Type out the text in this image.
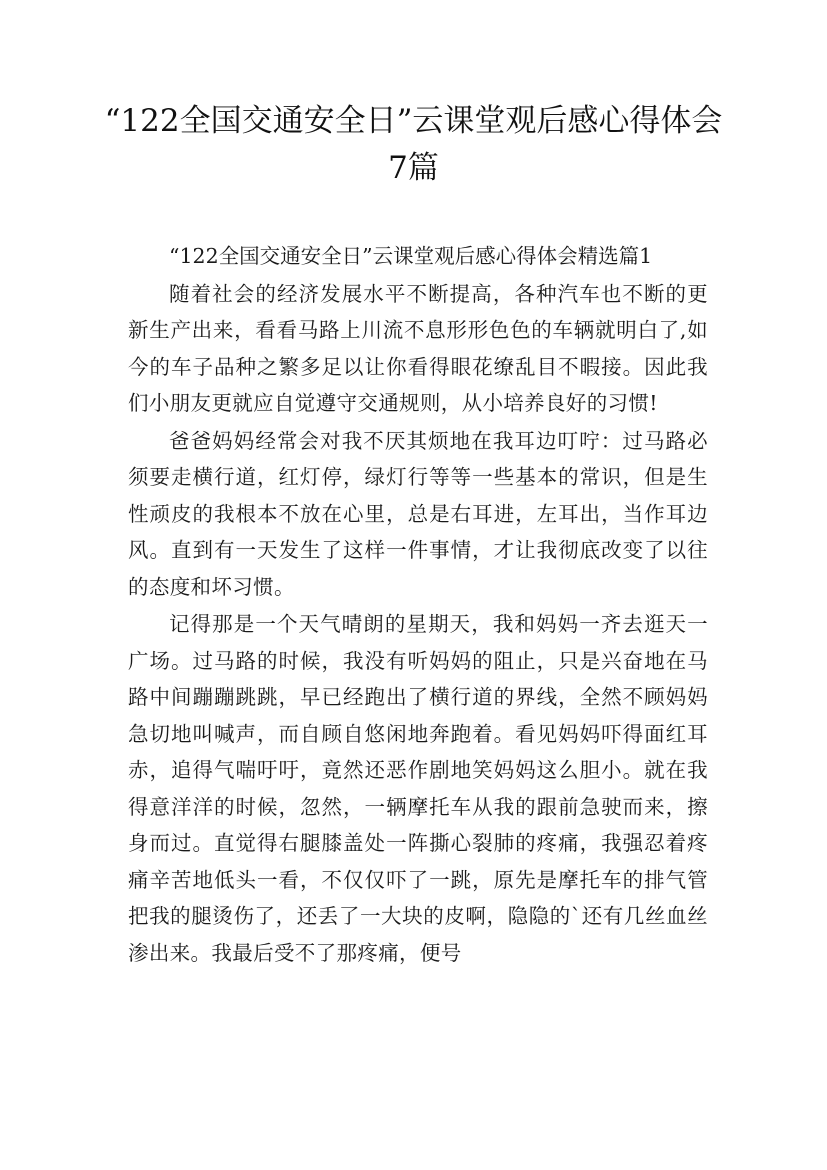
“122全国交通安全日”云课堂观后感心得体会7篇

“122全国交通安全日”云课堂观后感心得体会精选篇1

随着社会的经济发展水平不断提高，各种汽车也不断的更新生产出来，看看马路上川流不息形形色色的车辆就明白了,如今的车子品种之繁多足以让你看得眼花缭乱目不暇接。因此我们小朋友更就应自觉遵守交通规则，从小培养良好的习惯!

爸爸妈妈经常会对我不厌其烦地在我耳边叮咛：过马路必须要走横行道，红灯停，绿灯行等等一些基本的常识，但是生性顽皮的我根本不放在心里，总是右耳进，左耳出，当作耳边风。直到有一天发生了这样一件事情，才让我彻底改变了以往的态度和坏习惯。

记得那是一个天气晴朗的星期天，我和妈妈一齐去逛天一广场。过马路的时候，我没有听妈妈的阻止，只是兴奋地在马路中间蹦蹦跳跳，早已经跑出了横行道的界线，全然不顾妈妈急切地叫喊声，而自顾自悠闲地奔跑着。看见妈妈吓得面红耳赤，追得气喘吁吁，竟然还恶作剧地笑妈妈这么胆小。就在我得意洋洋的时候，忽然，一辆摩托车从我的跟前急驶而来，擦身而过。直觉得右腿膝盖处一阵撕心裂肺的疼痛，我强忍着疼痛辛苦地低头一看，不仅仅吓了一跳，原先是摩托车的排气管把我的腿烫伤了，还丢了一大块的皮啊，隐隐的`还有几丝血丝渗出来。我最后受不了那疼痛，便号
